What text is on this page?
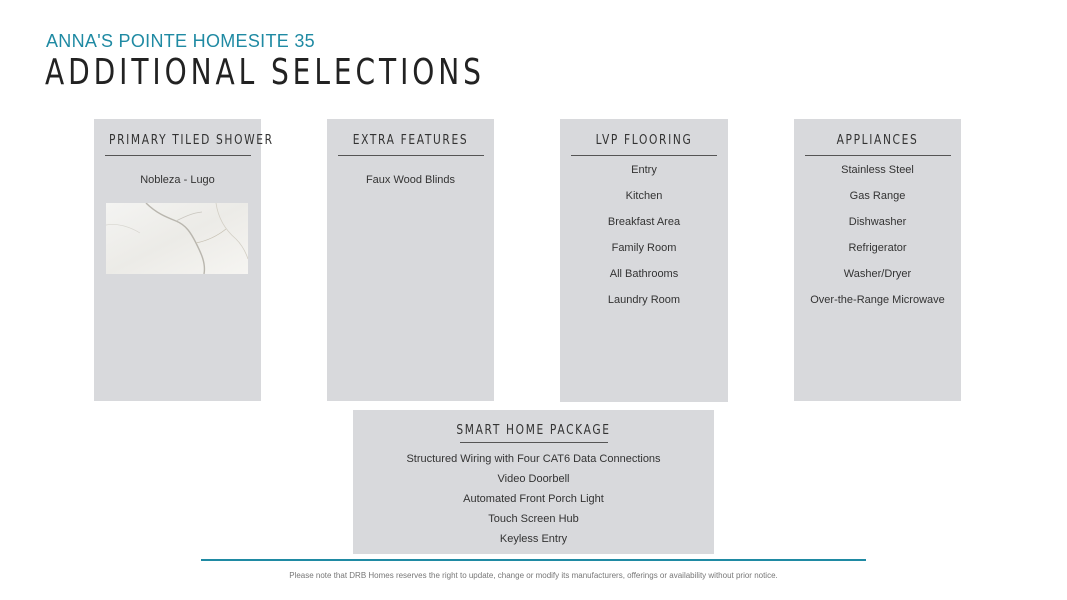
ANNA'S POINTE HOMESITE 35
ADDITIONAL SELECTIONS
PRIMARY TILED SHOWER
Nobleza - Lugo
EXTRA FEATURES
Faux Wood Blinds
LVP FLOORING
Entry
Kitchen
Breakfast Area
Family Room
All Bathrooms
Laundry Room
APPLIANCES
Stainless Steel
Gas Range
Dishwasher
Refrigerator
Washer/Dryer
Over-the-Range Microwave
SMART HOME PACKAGE
Structured Wiring with Four CAT6 Data Connections
Video Doorbell
Automated Front Porch Light
Touch Screen Hub
Keyless Entry
Please note that DRB Homes reserves the right to update, change or modify its manufacturers, offerings or availability without prior notice.
